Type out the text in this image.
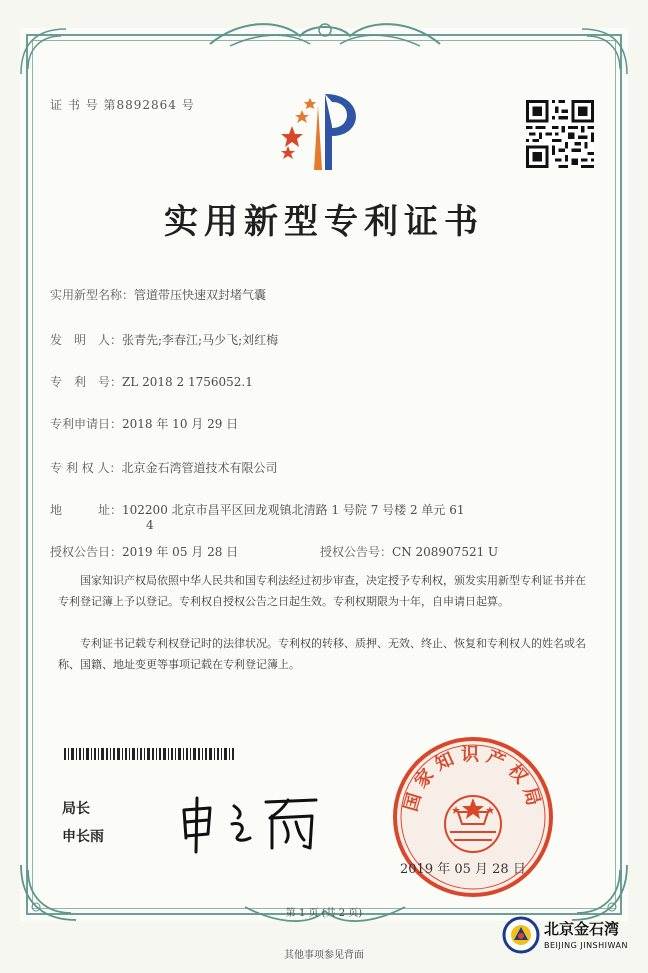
证 书 号 第8892864 号
实用新型专利证书
实用新型名称：管道带压快速双封堵气囊
发　明　人：张青先;李春江;马少飞;刘红梅
专　利　号：ZL 2018 2 1756052.1
专利申请日：2018 年 10 月 29 日
专 利 权 人：北京金石湾管道技术有限公司
地　　　址：102200 北京市昌平区回龙观镇北清路 1 号院 7 号楼 2 单元 61
4
授权公告日：2019 年 05 月 28 日	授权公告号：CN 208907521 U
国家知识产权局依照中华人民共和国专利法经过初步审查，决定授予专利权，颁发实用新型专利证书并在专利登记簿上予以登记。专利权自授权公告之日起生效。专利权期限为十年，自申请日起算。
专利证书记载专利权登记时的法律状况。专利权的转移、质押、无效、终止、恢复和专利权人的姓名或名称、国籍、地址变更等事项记载在专利登记簿上。
局长
申长雨
国家知识产权局
2019 年 05 月 28 日
第 1 页 (共 2 页)
其他事项参见背面
北京金石湾
BEIJING JINSHIWAN
